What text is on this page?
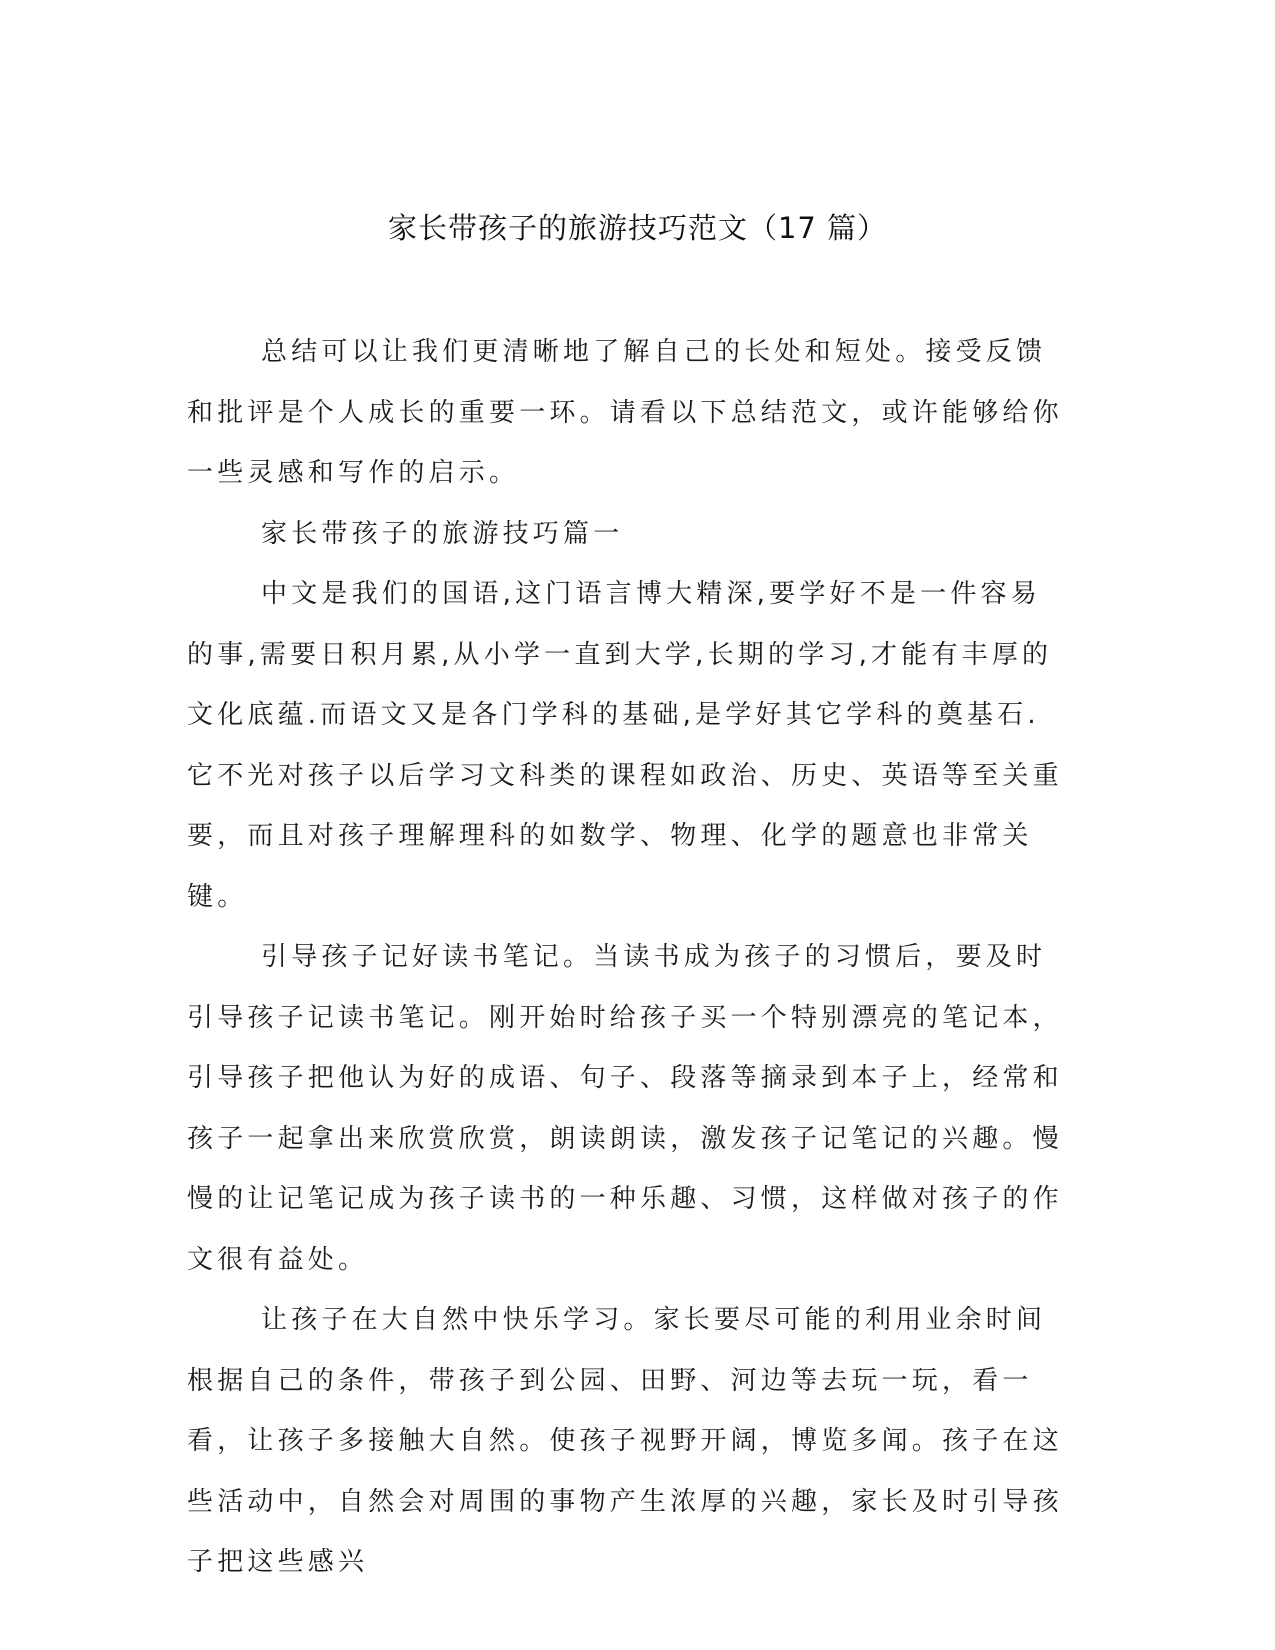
家长带孩子的旅游技巧范文（17 篇）

总结可以让我们更清晰地了解自己的长处和短处。接受反馈和批评是个人成长的重要一环。请看以下总结范文，或许能够给你一些灵感和写作的启示。

家长带孩子的旅游技巧篇一

中文是我们的国语,这门语言博大精深,要学好不是一件容易的事,需要日积月累,从小学一直到大学,长期的学习,才能有丰厚的文化底蕴.而语文又是各门学科的基础,是学好其它学科的奠基石.它不光对孩子以后学习文科类的课程如政治、历史、英语等至关重要，而且对孩子理解理科的如数学、物理、化学的题意也非常关键。

引导孩子记好读书笔记。当读书成为孩子的习惯后，要及时引导孩子记读书笔记。刚开始时给孩子买一个特别漂亮的笔记本，引导孩子把他认为好的成语、句子、段落等摘录到本子上，经常和孩子一起拿出来欣赏欣赏，朗读朗读，激发孩子记笔记的兴趣。慢慢的让记笔记成为孩子读书的一种乐趣、习惯，这样做对孩子的作文很有益处。

让孩子在大自然中快乐学习。家长要尽可能的利用业余时间根据自己的条件，带孩子到公园、田野、河边等去玩一玩，看一看，让孩子多接触大自然。使孩子视野开阔，博览多闻。孩子在这些活动中，自然会对周围的事物产生浓厚的兴趣，家长及时引导孩子把这些感兴
